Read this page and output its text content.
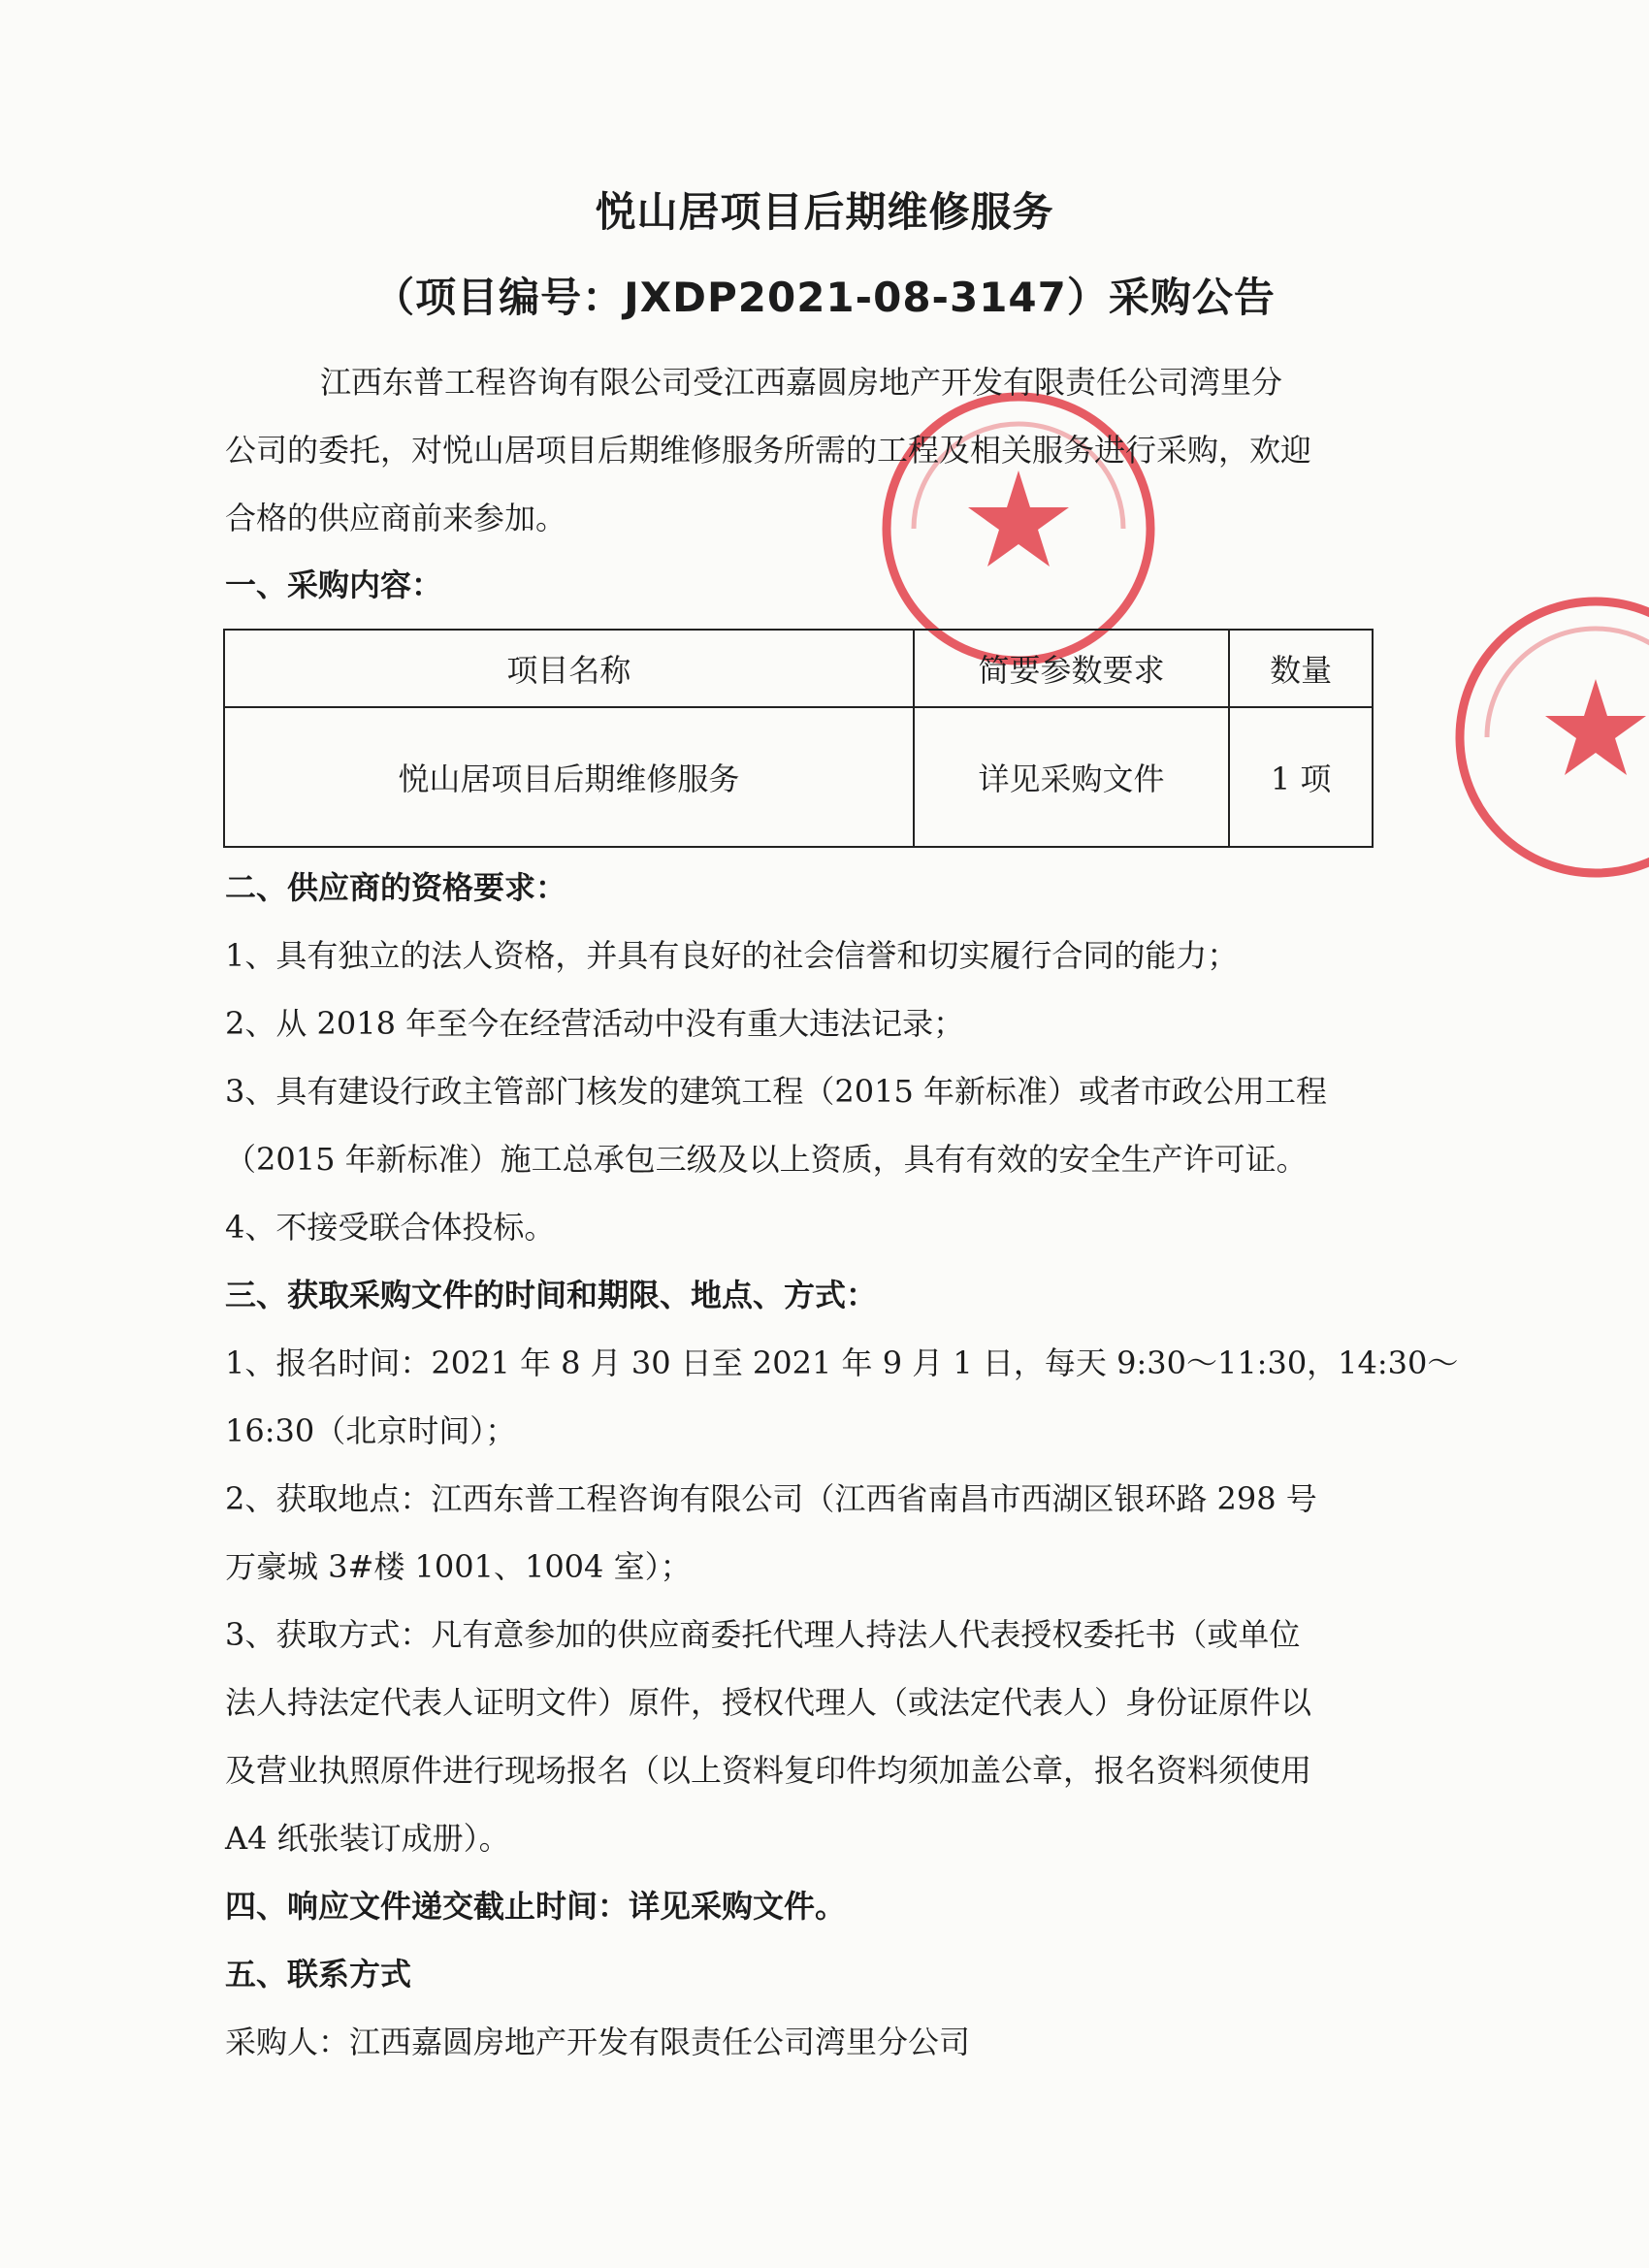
悦山居项目后期维修服务
（项目编号：JXDP2021-08-3147）采购公告
江西东普工程咨询有限公司受江西嘉圆房地产开发有限责任公司湾里分
公司的委托，对悦山居项目后期维修服务所需的工程及相关服务进行采购，欢迎
合格的供应商前来参加。
一、采购内容：
项目名称	简要参数要求	数量
悦山居项目后期维修服务	详见采购文件	1 项
二、供应商的资格要求：
1、具有独立的法人资格，并具有良好的社会信誉和切实履行合同的能力；
2、从 2018 年至今在经营活动中没有重大违法记录；
3、具有建设行政主管部门核发的建筑工程（2015 年新标准）或者市政公用工程
（2015 年新标准）施工总承包三级及以上资质，具有有效的安全生产许可证。
4、不接受联合体投标。
三、获取采购文件的时间和期限、地点、方式：
1、报名时间：2021 年 8 月 30 日至 2021 年 9 月 1 日，每天 9:30～11:30，14:30～
16:30（北京时间）；
2、获取地点：江西东普工程咨询有限公司（江西省南昌市西湖区银环路 298 号
万豪城 3#楼 1001、1004 室）；
3、获取方式：凡有意参加的供应商委托代理人持法人代表授权委托书（或单位
法人持法定代表人证明文件）原件，授权代理人（或法定代表人）身份证原件以
及营业执照原件进行现场报名（以上资料复印件均须加盖公章，报名资料须使用
A4 纸张装订成册）。
四、响应文件递交截止时间：详见采购文件。
五、联系方式
采购人：江西嘉圆房地产开发有限责任公司湾里分公司
